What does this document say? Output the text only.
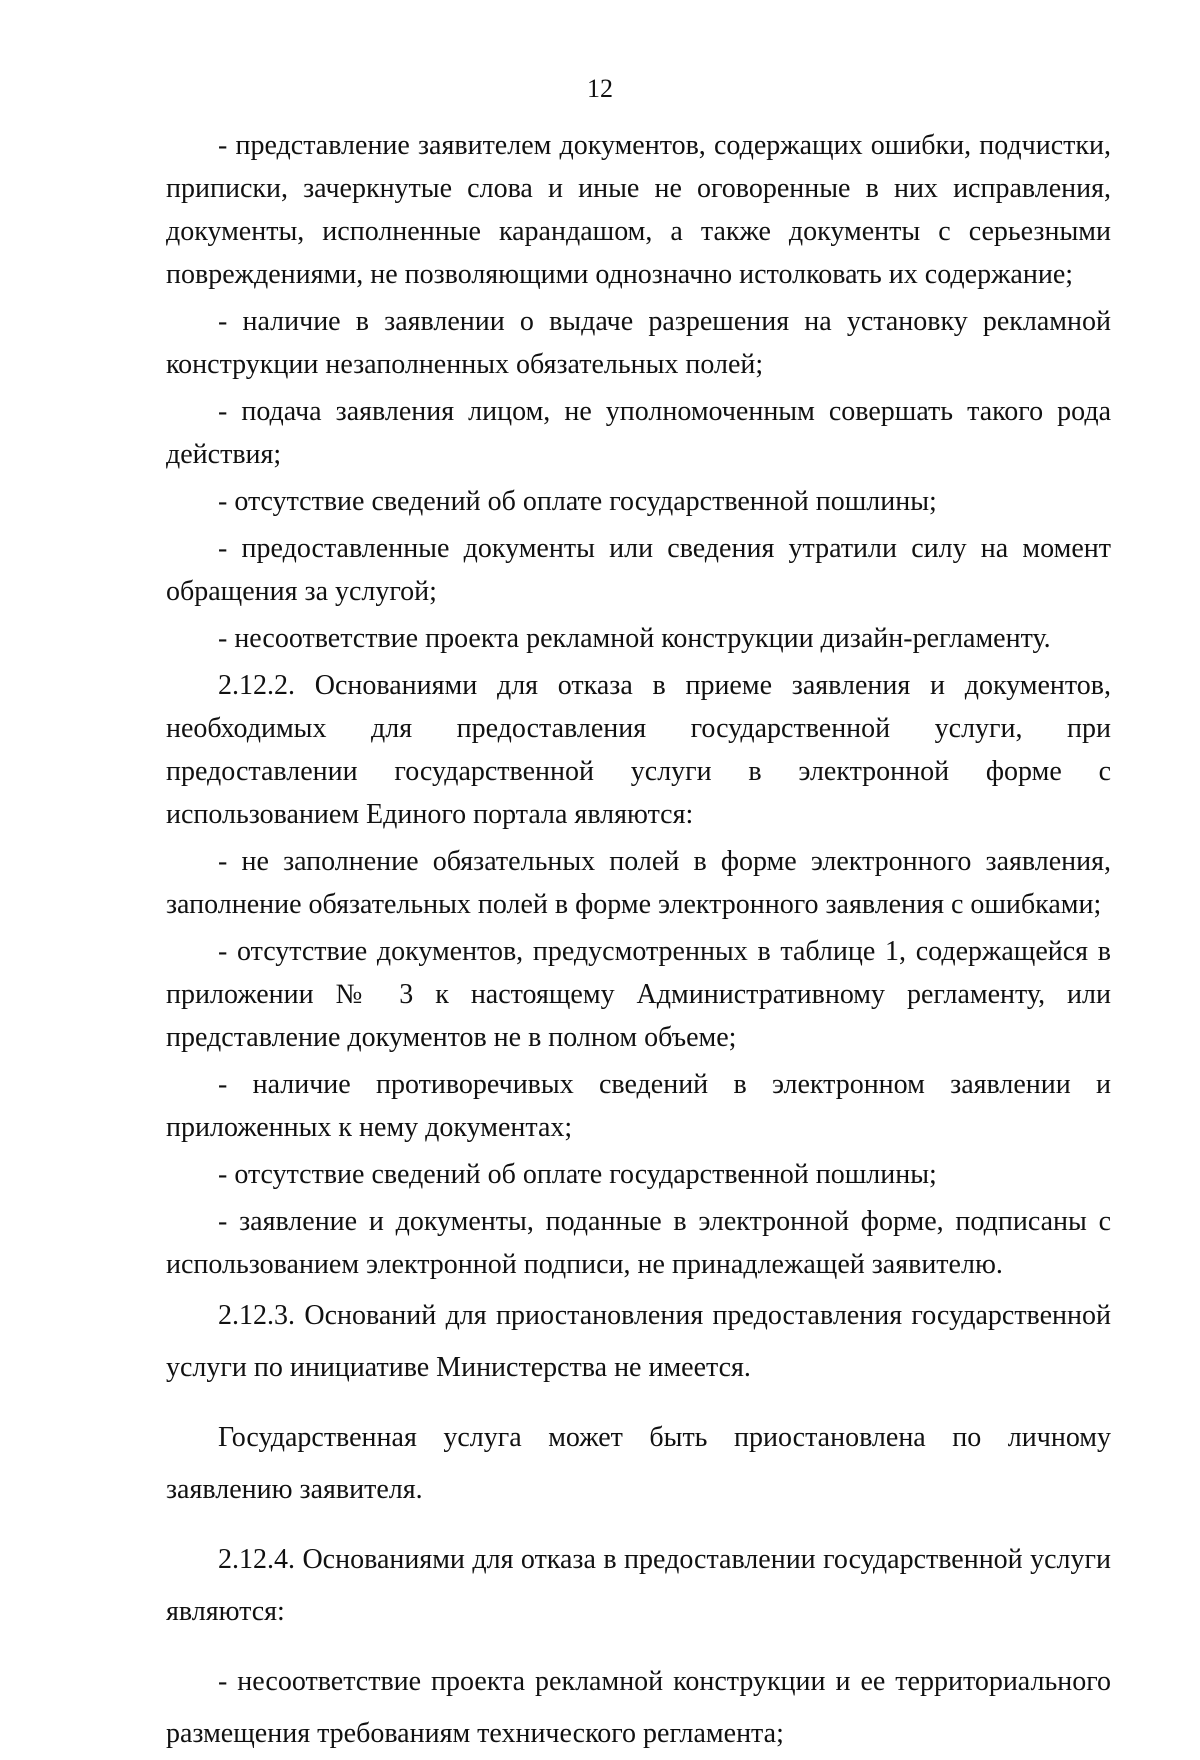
12

- представление заявителем документов, содержащих ошибки, подчистки, приписки, зачеркнутые слова и иные не оговоренные в них исправления, документы, исполненные карандашом, а также документы с серьезными повреждениями, не позволяющими однозначно истолковать их содержание;

- наличие в заявлении о выдаче разрешения на установку рекламной конструкции незаполненных обязательных полей;

- подача заявления лицом, не уполномоченным совершать такого рода действия;

- отсутствие сведений об оплате государственной пошлины;

- предоставленные документы или сведения утратили силу на момент обращения за услугой;

- несоответствие проекта рекламной конструкции дизайн-регламенту.

2.12.2. Основаниями для отказа в приеме заявления и документов, необходимых для предоставления государственной услуги, при предоставлении государственной услуги в электронной форме с использованием Единого портала являются:

- не заполнение обязательных полей в форме электронного заявления, заполнение обязательных полей в форме электронного заявления с ошибками;

- отсутствие документов, предусмотренных в таблице 1, содержащейся в приложении № 3 к настоящему Административному регламенту, или представление документов не в полном объеме;

- наличие противоречивых сведений в электронном заявлении и приложенных к нему документах;

- отсутствие сведений об оплате государственной пошлины;

- заявление и документы, поданные в электронной форме, подписаны с использованием электронной подписи, не принадлежащей заявителю.

2.12.3. Оснований для приостановления предоставления государственной услуги по инициативе Министерства не имеется.

Государственная услуга может быть приостановлена по личному заявлению заявителя.

2.12.4. Основаниями для отказа в предоставлении государственной услуги являются:

- несоответствие проекта рекламной конструкции и ее территориального размещения требованиям технического регламента;
